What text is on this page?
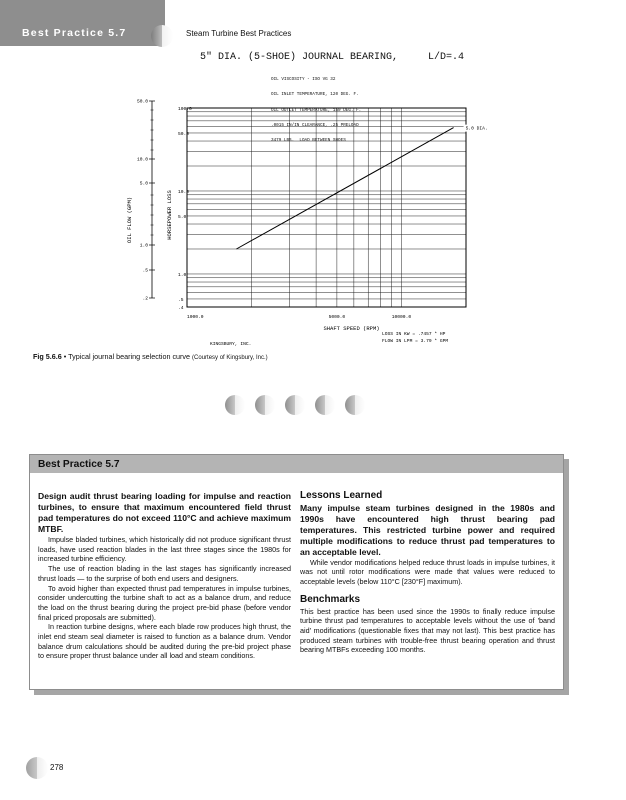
Best Practice 5.7	Steam Turbine Best Practices
5" DIA. (5-SHOE) JOURNAL BEARING,     L/D=.4

OIL VISCOSITY - ISO VG 32

OIL INLET TEMPERATURE, 120 DEG. F.

OIL OUTLET TEMPERATURE, 150 DEG. F.

.0015 IN/IN CLEARANCE, .25 PRELOAD

3479 LBS.  LOAD BETWEEN SHOES

100.0
50.0
10.0
5.0
1.0
.5
.4
50.0
10.0
5.0
1.0
.5
.2
1000.0	5000.0	10000.0
SHAFT SPEED (RPM)
OIL FLOW (GPM)	HORSEPOWER LOSS
KINGSBURY, INC.
LOSS IN KW = .7457 * HP
FLOW IN LPM = 3.79 * GPM
5.0 DIA.
Fig 5.6.6 • Typical journal bearing selection curve (Courtesy of Kingsbury, Inc.)
Best Practice 5.7

Design audit thrust bearing loading for impulse and reaction turbines, to ensure that maximum encountered field thrust pad temperatures do not exceed 110°C and achieve maximum MTBF.

Impulse bladed turbines, which historically did not produce significant thrust loads, have used reaction blades in the last three stages since the 1980s for increased turbine efficiency.

The use of reaction blading in the last stages has significantly increased thrust loads — to the surprise of both end users and designers.

To avoid higher than expected thrust pad temperatures in impulse turbines, consider undercutting the turbine shaft to act as a balance drum, and reduce the load on the thrust bearing during the project pre-bid phase (before vendor final priced proposals are submitted).

In reaction turbine designs, where each blade row produces high thrust, the inlet end steam seal diameter is raised to function as a balance drum. Vendor balance drum calculations should be audited during the pre-bid project phase to ensure proper thrust balance under all load and steam conditions.

Lessons Learned

Many impulse steam turbines designed in the 1980s and 1990s have encountered high thrust bearing pad temperatures. This restricted turbine power and required multiple modifications to reduce thrust pad temperatures to an acceptable level.

While vendor modifications helped reduce thrust loads in impulse turbines, it was not until rotor modifications were made that values were reduced to acceptable levels (below 110°C [230°F] maximum).

Benchmarks

This best practice has been used since the 1990s to finally reduce impulse turbine thrust pad temperatures to acceptable levels without the use of 'band aid' modifications (questionable fixes that may not last). This best practice has produced steam turbines with trouble-free thrust bearing operation and thrust bearing MTBFs exceeding 100 months.

278
